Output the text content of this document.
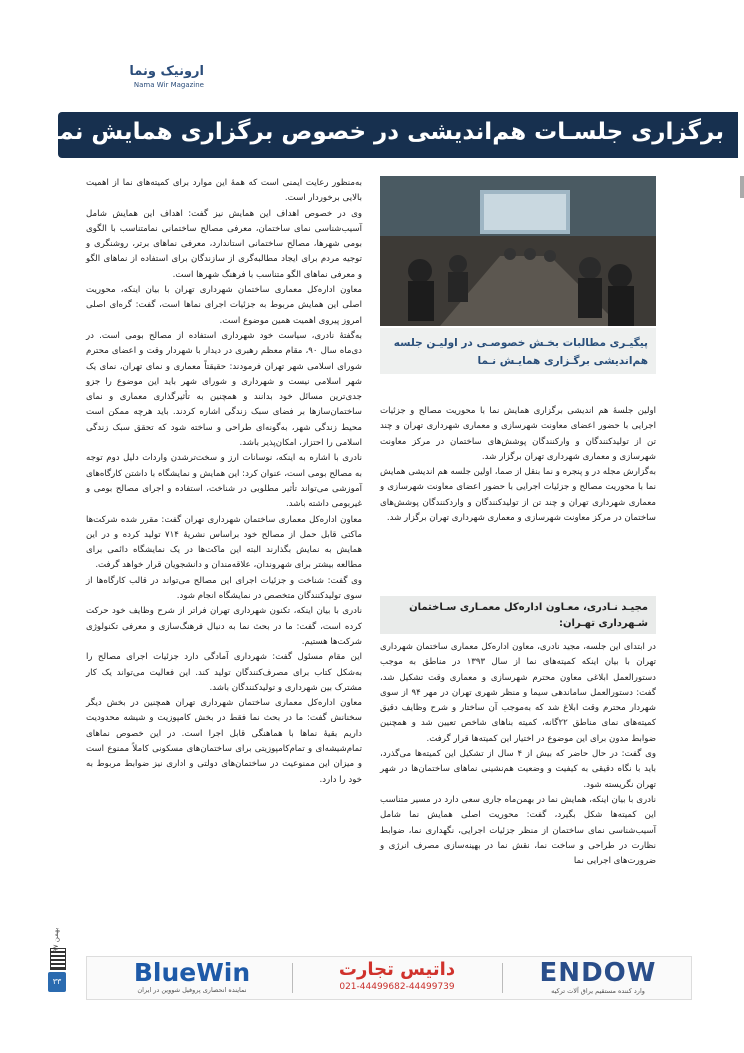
ارونیک ونما
Nama Wir Magazine
برگزاری جلسـات هم‌اندیشی در خصوص برگزاری همایش نما

به‌منظور رعایت ایمنی است که همهٔ این موارد برای کمیته‌های نما از اهمیت بالایی برخوردار است.

وی در خصوص اهداف این همایش نیز گفت: اهداف این همایش شامل آسیب‌شناسی نمای ساختمان، معرفی مصالح ساختمانی نمامتناسب با الگوی بومی شهرها، مصالح ساختمانی استاندارد، معرفی نماهای برتر، روشنگری و توجیه مردم برای ایجاد مطالبه‌گری از سازندگان برای استفاده از نماهای الگو و معرفی نماهای الگو متناسب با فرهنگ شهرها است.

معاون اداره‌کل معماری ساختمان شهرداری تهران با بیان اینکه، محوریت اصلی این همایش مربوط به جزئیات اجرای نماها است، گفت: گره‌ای اصلی امروز پیروی اهمیت همین موضوع است.

به‌گفتهٔ نادری، سیاست خود شهرداری استفاده از مصالح بومی است. در دی‌ماه سال ۹۰، مقام معظم رهبری در دیدار با شهردار وقت و اعضای محترم شورای اسلامی شهر تهران فرمودند: حقیقتاً معماری و نمای تهران، نمای یک شهر اسلامی نیست و شهرداری و شورای شهر باید این موضوع را جزو جدی‌ترین مسائل خود بدانند و همچنین به تأثیرگذاری معماری و نمای ساختمان‌سازها بر فضای سبک زندگی اشاره کردند. باید هرچه ممکن است محیط زندگی شهر، به‌گونه‌ای طراحی و ساخته شود که تحقق سبک زندگی اسلامی را احتزار، امکان‌پذیر باشد.

نادری با اشاره به اینکه، نوسانات ارز و سخت‌ترشدن واردات دلیل دوم توجه به مصالح بومی است، عنوان کرد: این همایش و نمایشگاه با داشتن کارگاه‌های آموزشی می‌تواند تأثیر مطلوبی در شناخت، استفاده و اجرای مصالح بومی و غیربومی داشته باشد.

معاون اداره‌کل معماری ساختمان شهرداری تهران گفت: مقرر شده شرکت‌ها ماکتی قابل حمل از مصالح خود براساس نشریهٔ ۷۱۴ تولید کرده و در این همایش به نمایش بگذارند البته این ماکت‌ها در یک نمایشگاه دائمی برای مطالعه بیشتر برای شهروندان، علاقه‌مندان و دانشجویان قرار خواهد گرفت.

وی گفت: شناخت و جزئیات اجرای این مصالح می‌تواند در قالب کارگاه‌ها از سوی تولیدکنندگان متخصص در نمایشگاه انجام شود.

نادری با بیان اینکه، تکنون شهرداری تهران فراتر از شرح وظایف خود حرکت کرده است، گفت: ما در بحث نما به دنبال فرهنگ‌سازی و معرفی تکنولوژی شرکت‌ها هستیم.

این مقام مسئول گفت: شهرداری آمادگی دارد جزئیات اجرای مصالح را به‌شکل کتاب برای مصرف‌کنندگان تولید کند. این فعالیت می‌تواند یک کار مشترک بین شهرداری و تولیدکنندگان باشد.

معاون اداره‌کل معماری ساختمان شهرداری تهران همچنین در بخش دیگر سخنانش گفت: ما در بحث نما فقط در بخش کامپوزیت و شیشه محدودیت داریم بقیهٔ نماها با هماهنگی قابل اجرا است. در این خصوص نماهای تمام‌شیشه‌ای و تمام‌کامپوزیتی برای ساختمان‌های مسکونی کاملاً ممنوع است و میزان این ممنوعیت در ساختمان‌های دولتی و اداری نیز ضوابط مربوط به خود را دارد.

پیگیـری مطالبات بخـش خصوصـی در اولیـن جلسه هم‌اندیشی برگـزاری همایـش نـما

اولین جلسهٔ هم اندیشی برگزاری همایش نما با محوریت مصالح و جزئیات اجرایی با حضور اعضای معاونت شهرسازی و معماری شهرداری تهران و چند تن از تولیدکنندگان و وارکنندگان پوشش‌های ساختمان در مرکز معاونت شهرسازی و معماری شهرداری تهران برگزار شد.

به‌گزارش مجله در و پنجره و نما بنقل از صما، اولین جلسه هم اندیشی همایش نما با محوریت مصالح و جزئیات اجرایی با حضور اعضای معاونت شهرسازی و معماری شهرداری تهران و چند تن از تولیدکنندگان و واردکنندگان پوشش‌های ساختمان در مرکز معاونت شهرسازی و معماری شهرداری تهران برگزار شد.

مجیـد نـادری، معـاون اداره‌کل معمـاری سـاختمان شـهرداری تهـران:

در ابتدای این جلسه، مجید نادری، معاون اداره‌کل معماری ساختمان شهرداری تهران با بیان اینکه کمیته‌های نما از سال ۱۳۹۳ در مناطق به موجب دستورالعمل ابلاغی معاون محترم شهرسازی و معماری وقت تشکیل شد، گفت: دستورالعمل ساماندهی سیما و منظر شهری تهران در مهر ۹۴ از سوی شهردار محترم وقت ابلاغ شد که به‌موجب آن ساختار و شرح وظایف دقیق کمیته‌های نمای مناطق ۲۲گانه، کمیته بناهای شاخص تعیین شد و همچنین ضوابط مدون برای این موضوع در اختیار این کمیته‌ها قرار گرفت.

وی گفت: در حال حاضر که بیش از ۴ سال از تشکیل این کمیته‌ها می‌گذرد، باید با نگاه دقیقی به کیفیت و وضعیت هم‌نشینی نماهای ساختمان‌ها در شهر تهران نگریسته شود.

نادری با بیان اینکه، همایش نما در بهمن‌ماه جاری سعی دارد در مسیر متناسب این کمیته‌ها شکل بگیرد، گفت: محوریت اصلی همایش نما شامل آسیب‌شناسی نمای ساختمان از منظر جزئیات اجرایی، نگهداری نما، ضوابط نظارت در طراحی و ساخت نما، نقش نما در بهینه‌سازی مصرف انرژی و ضرورت‌های اجرایی نما

بهمن ۹۷
۳۳	BlueWin
نماینده انحصاری پروفیل شووین در ایران
داتیس تجارت
021-44499682-44499739	ENDOW
وارد کننده مستقیم یراق آلات ترکیه
